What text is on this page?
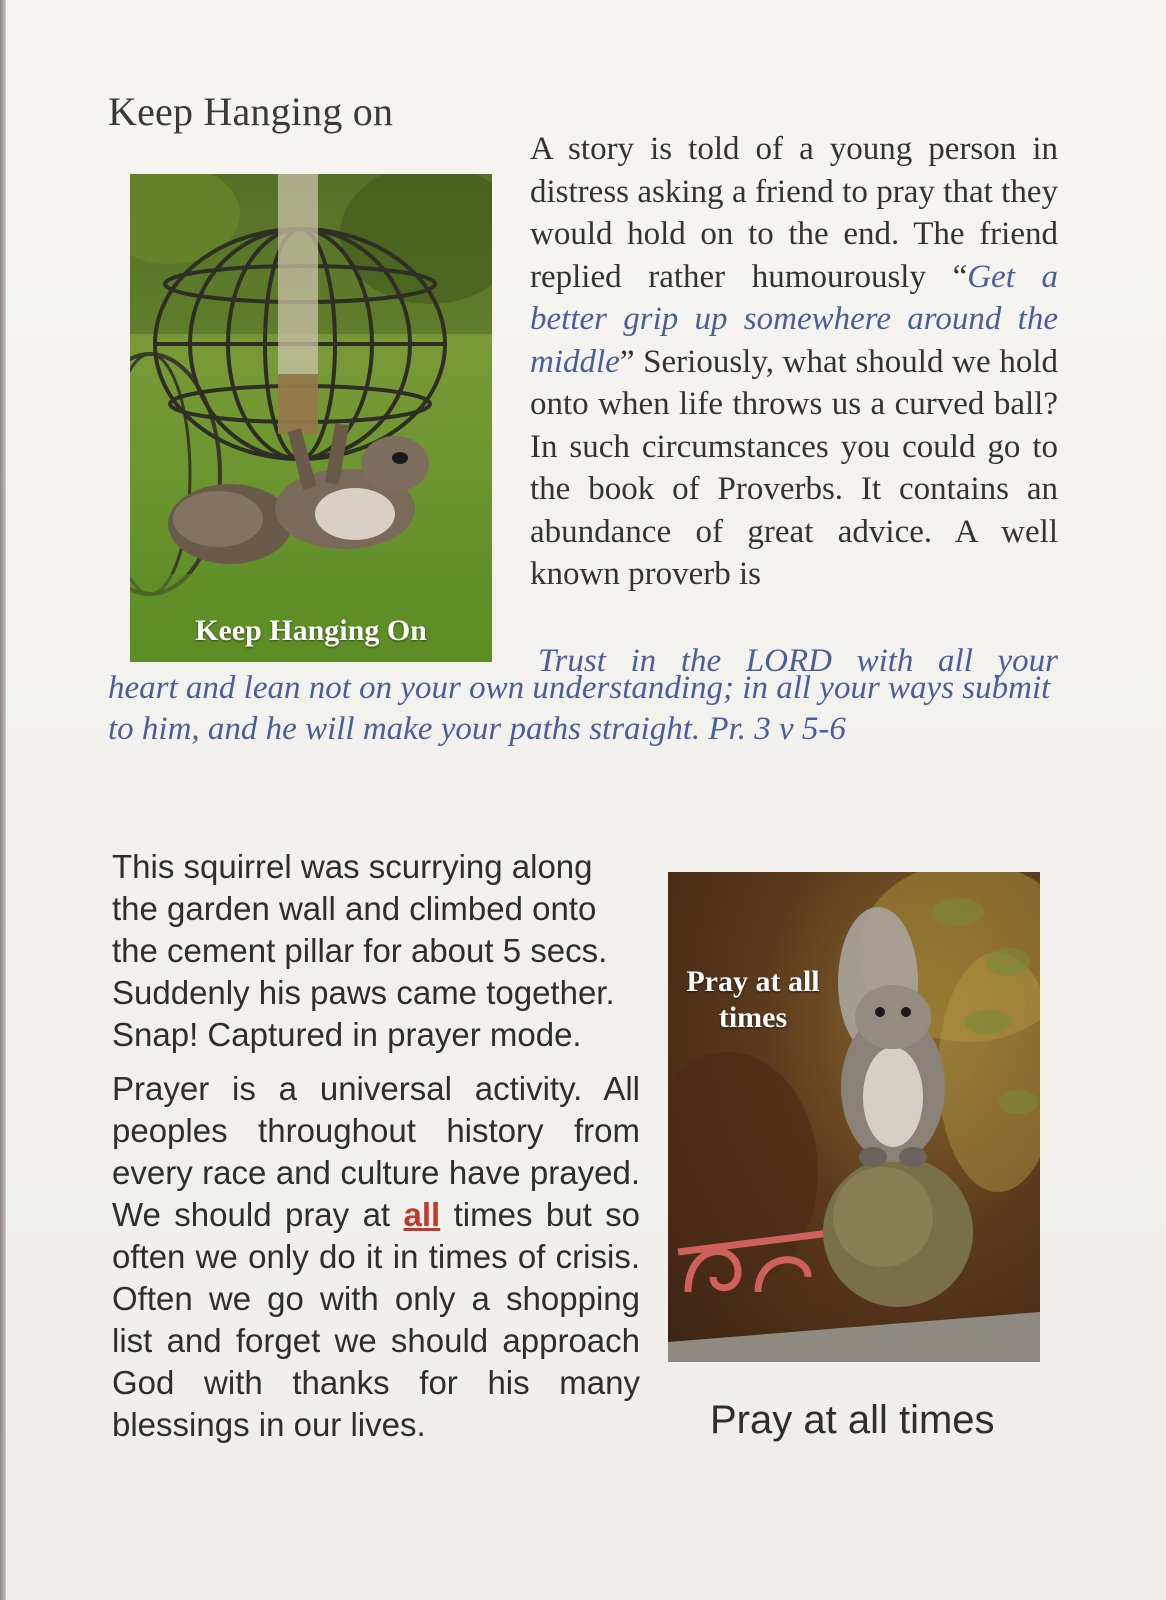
Keep Hanging on
Keep Hanging On

A story is told of a young person in distress asking a friend to pray that they would hold on to the end. The friend replied rather humourously “Get a better grip up somewhere around the middle” Seriously, what should we hold onto when life throws us a curved ball? In such circumstances you could go to the book of Proverbs. It contains an abundance of great advice. A well known proverb is

Trust in the LORD with all your
heart and lean not on your own understanding; in all your ways submit to him, and he will make your paths straight. Pr. 3 v 5-6

This squirrel was scurrying along the garden wall and climbed onto the cement pillar for about 5 secs. Suddenly his paws came together. Snap! Captured in prayer mode.

Prayer is a universal activity. All peoples throughout history from every race and culture have prayed. We should pray at all times but so often we only do it in times of crisis. Often we go with only a shopping list and forget we should approach God with thanks for his many blessings in our lives.

Pray at all times
Pray at all times
